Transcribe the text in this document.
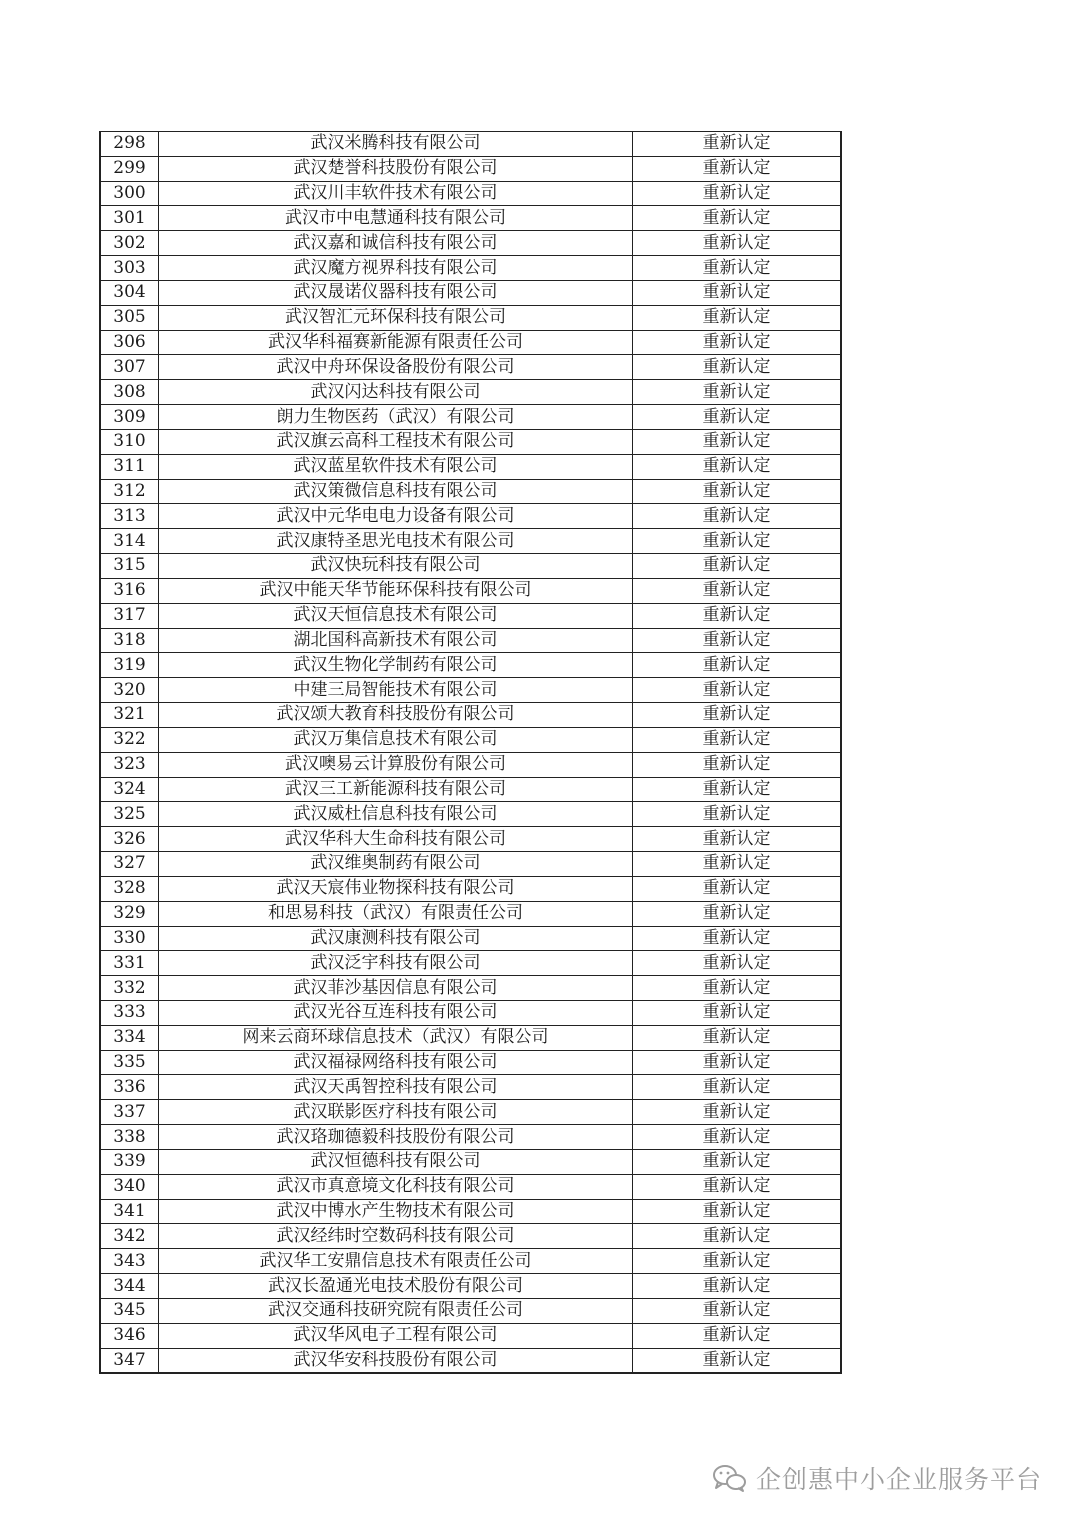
298	武汉米腾科技有限公司	重新认定
299	武汉楚誉科技股份有限公司	重新认定
300	武汉川丰软件技术有限公司	重新认定
301	武汉市中电慧通科技有限公司	重新认定
302	武汉嘉和诚信科技有限公司	重新认定
303	武汉魔方视界科技有限公司	重新认定
304	武汉晟诺仪器科技有限公司	重新认定
305	武汉智汇元环保科技有限公司	重新认定
306	武汉华科福赛新能源有限责任公司	重新认定
307	武汉中舟环保设备股份有限公司	重新认定
308	武汉闪达科技有限公司	重新认定
309	朗力生物医药（武汉）有限公司	重新认定
310	武汉旗云高科工程技术有限公司	重新认定
311	武汉蓝星软件技术有限公司	重新认定
312	武汉策微信息科技有限公司	重新认定
313	武汉中元华电电力设备有限公司	重新认定
314	武汉康特圣思光电技术有限公司	重新认定
315	武汉快玩科技有限公司	重新认定
316	武汉中能天华节能环保科技有限公司	重新认定
317	武汉天恒信息技术有限公司	重新认定
318	湖北国科高新技术有限公司	重新认定
319	武汉生物化学制药有限公司	重新认定
320	中建三局智能技术有限公司	重新认定
321	武汉颂大教育科技股份有限公司	重新认定
322	武汉万集信息技术有限公司	重新认定
323	武汉噢易云计算股份有限公司	重新认定
324	武汉三工新能源科技有限公司	重新认定
325	武汉威杜信息科技有限公司	重新认定
326	武汉华科大生命科技有限公司	重新认定
327	武汉维奥制药有限公司	重新认定
328	武汉天宸伟业物探科技有限公司	重新认定
329	和思易科技（武汉）有限责任公司	重新认定
330	武汉康测科技有限公司	重新认定
331	武汉泛宇科技有限公司	重新认定
332	武汉菲沙基因信息有限公司	重新认定
333	武汉光谷互连科技有限公司	重新认定
334	网来云商环球信息技术（武汉）有限公司	重新认定
335	武汉福禄网络科技有限公司	重新认定
336	武汉天禹智控科技有限公司	重新认定
337	武汉联影医疗科技有限公司	重新认定
338	武汉珞珈德毅科技股份有限公司	重新认定
339	武汉恒德科技有限公司	重新认定
340	武汉市真意境文化科技有限公司	重新认定
341	武汉中博水产生物技术有限公司	重新认定
342	武汉经纬时空数码科技有限公司	重新认定
343	武汉华工安鼎信息技术有限责任公司	重新认定
344	武汉长盈通光电技术股份有限公司	重新认定
345	武汉交通科技研究院有限责任公司	重新认定
346	武汉华风电子工程有限公司	重新认定
347	武汉华安科技股份有限公司	重新认定
企创惠中小企业服务平台
